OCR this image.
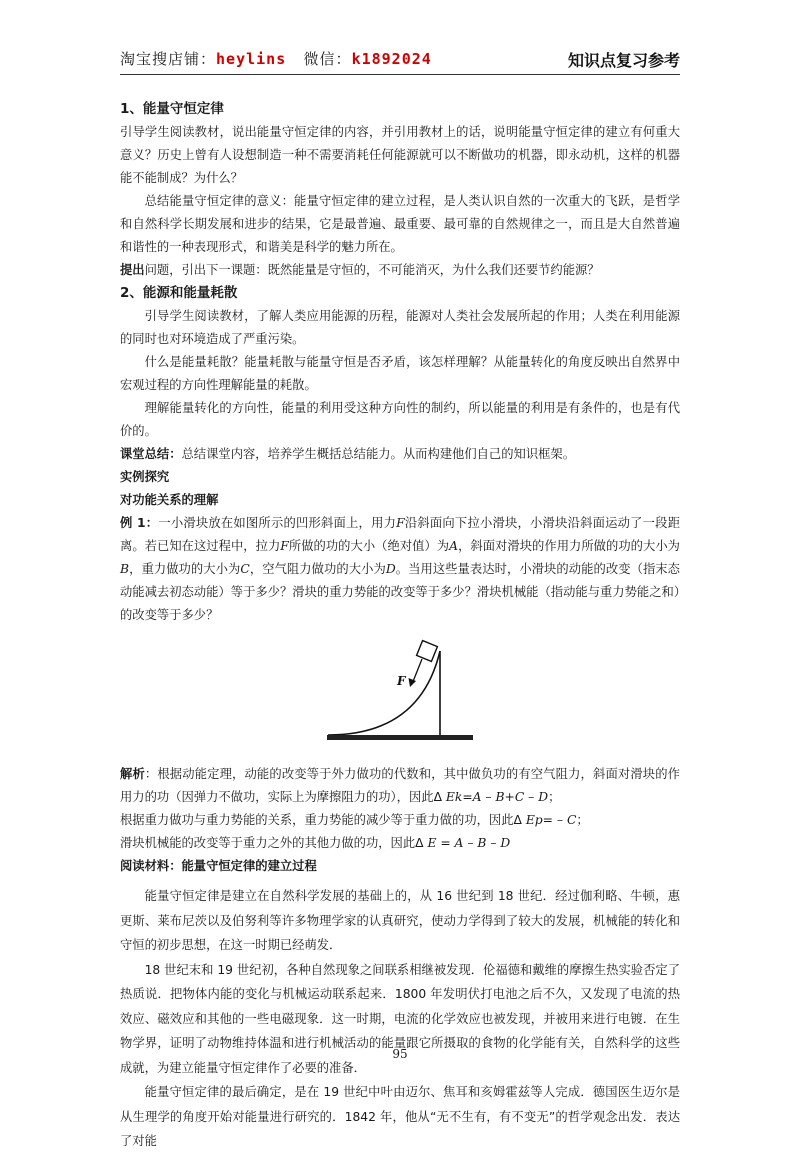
淘宝搜店铺：heylins 微信：k1892024	知识点复习参考

1、能量守恒定律

引导学生阅读教材，说出能量守恒定律的内容，并引用教材上的话，说明能量守恒定律的建立有何重大意义？历史上曾有人设想制造一种不需要消耗任何能源就可以不断做功的机器，即永动机，这样的机器能不能制成？为什么？

总结能量守恒定律的意义：能量守恒定律的建立过程，是人类认识自然的一次重大的飞跃，是哲学和自然科学长期发展和进步的结果，它是最普遍、最重要、最可靠的自然规律之一，而且是大自然普遍和谐性的一种表现形式，和谐美是科学的魅力所在。

提出问题，引出下一课题：既然能量是守恒的，不可能消灭，为什么我们还要节约能源？

2、能源和能量耗散

引导学生阅读教材，了解人类应用能源的历程，能源对人类社会发展所起的作用；人类在利用能源的同时也对环境造成了严重污染。

什么是能量耗散？能量耗散与能量守恒是否矛盾，该怎样理解？从能量转化的角度反映出自然界中宏观过程的方向性理解能量的耗散。

理解能量转化的方向性，能量的利用受这种方向性的制约，所以能量的利用是有条件的，也是有代价的。

课堂总结：总结课堂内容，培养学生概括总结能力。从而构建他们自己的知识框架。

实例探究

对功能关系的理解

例 1：一小滑块放在如图所示的凹形斜面上，用力F沿斜面向下拉小滑块，小滑块沿斜面运动了一段距离。若已知在这过程中，拉力F所做的功的大小（绝对值）为A，斜面对滑块的作用力所做的功的大小为B，重力做功的大小为C，空气阻力做功的大小为D。当用这些量表达时，小滑块的动能的改变（指末态动能减去初态动能）等于多少？滑块的重力势能的改变等于多少？滑块机械能（指动能与重力势能之和）的改变等于多少？

F

解析：根据动能定理，动能的改变等于外力做功的代数和，其中做负功的有空气阻力，斜面对滑块的作用力的功（因弹力不做功，实际上为摩擦阻力的功），因此Δ Ek=A – B+C – D；

根据重力做功与重力势能的关系，重力势能的减少等于重力做的功，因此Δ Ep= – C；

滑块机械能的改变等于重力之外的其他力做的功，因此Δ E = A – B – D

阅读材料：能量守恒定律的建立过程

能量守恒定律是建立在自然科学发展的基础上的，从 16 世纪到 18 世纪．经过伽利略、牛顿，惠更斯、莱布尼茨以及伯努利等许多物理学家的认真研究，使动力学得到了较大的发展，机械能的转化和守恒的初步思想，在这一时期已经萌发．

18 世纪末和 19 世纪初，各种自然现象之间联系相继被发现．伦福德和戴维的摩擦生热实验否定了热质说．把物体内能的变化与机械运动联系起来．1800 年发明伏打电池之后不久，又发现了电流的热效应、磁效应和其他的一些电磁现象．这一时期，电流的化学效应也被发现，并被用来进行电镀．在生物学界，证明了动物维持体温和进行机械活动的能量跟它所摄取的食物的化学能有关，自然科学的这些成就，为建立能量守恒定律作了必要的准备．

能量守恒定律的最后确定，是在 19 世纪中叶由迈尔、焦耳和亥姆霍兹等人完成．德国医生迈尔是从生理学的角度开始对能量进行研究的．1842 年，他从“无不生有，有不变无”的哲学观念出发．表达了对能

95
